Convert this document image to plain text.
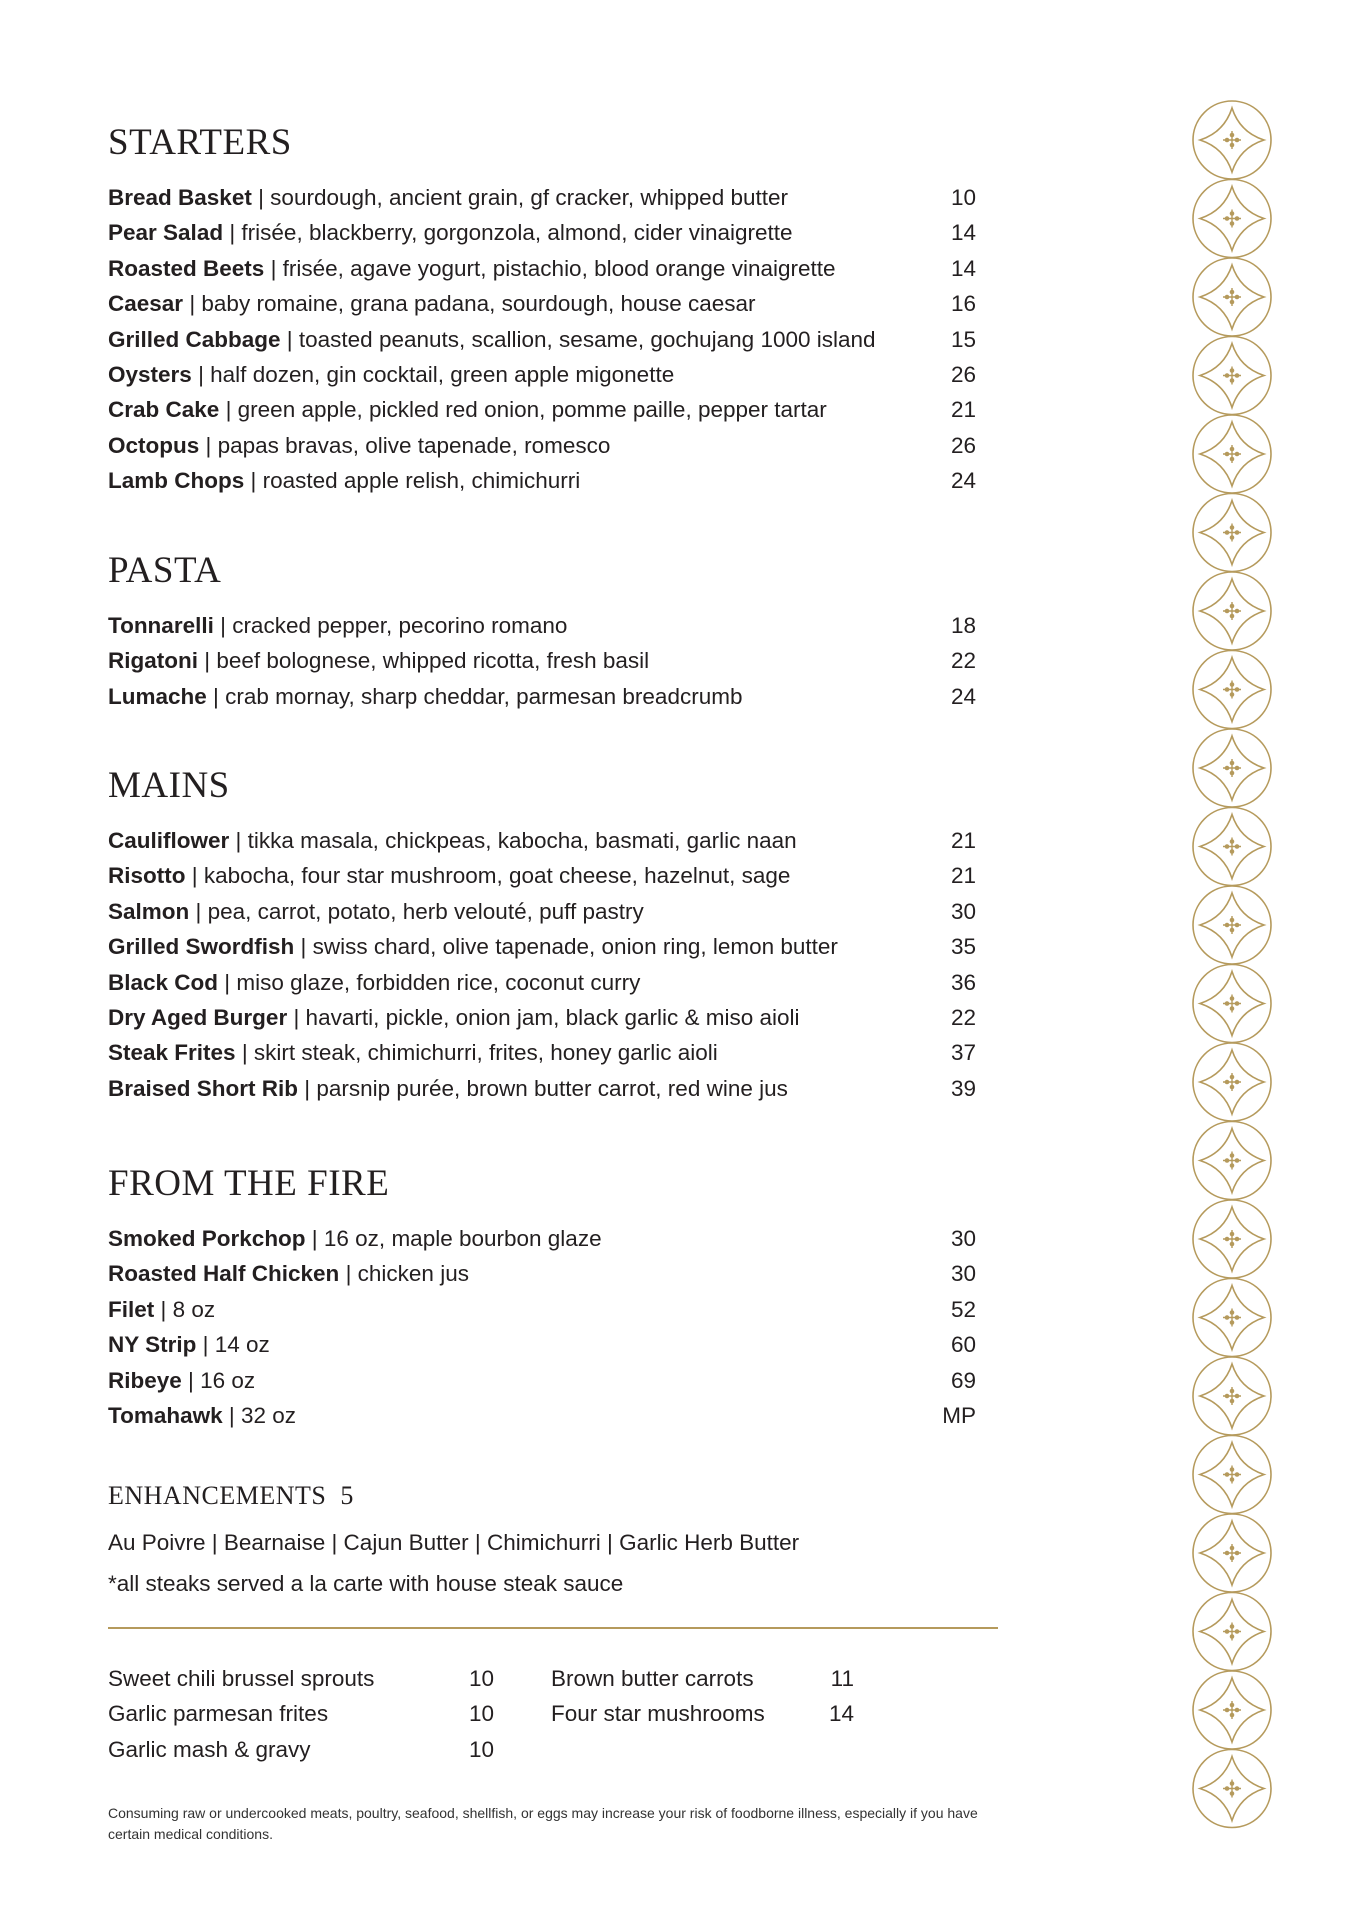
STARTERS
Bread Basket | sourdough, ancient grain, gf cracker, whipped butter	10
Pear Salad | frisée, blackberry, gorgonzola, almond, cider vinaigrette	14
Roasted Beets | frisée, agave yogurt, pistachio, blood orange vinaigrette	14
Caesar | baby romaine, grana padana, sourdough, house caesar	16
Grilled Cabbage | toasted peanuts, scallion, sesame, gochujang 1000 island	15
Oysters | half dozen, gin cocktail, green apple migonette	26
Crab Cake | green apple, pickled red onion, pomme paille, pepper tartar	21
Octopus | papas bravas, olive tapenade, romesco	26
Lamb Chops | roasted apple relish, chimichurri	24
PASTA
Tonnarelli | cracked pepper, pecorino romano	18
Rigatoni | beef bolognese, whipped ricotta, fresh basil	22
Lumache | crab mornay, sharp cheddar, parmesan breadcrumb	24
MAINS
Cauliflower | tikka masala, chickpeas, kabocha, basmati, garlic naan	21
Risotto | kabocha, four star mushroom, goat cheese, hazelnut, sage	21
Salmon | pea, carrot, potato, herb velouté, puff pastry	30
Grilled Swordfish | swiss chard, olive tapenade, onion ring, lemon butter	35
Black Cod | miso glaze, forbidden rice, coconut curry	36
Dry Aged Burger | havarti, pickle, onion jam, black garlic & miso aioli	22
Steak Frites | skirt steak, chimichurri, frites, honey garlic aioli	37
Braised Short Rib | parsnip purée, brown butter carrot, red wine jus	39
FROM THE FIRE
Smoked Porkchop | 16 oz, maple bourbon glaze	30
Roasted Half Chicken | chicken jus	30
Filet | 8 oz	52
NY Strip | 14 oz	60
Ribeye | 16 oz	69
Tomahawk | 32 oz	MP
ENHANCEMENTS 5
Au Poivre | Bearnaise | Cajun Butter | Chimichurri | Garlic Herb Butter
*all steaks served a la carte with house steak sauce
Sweet chili brussel sprouts	10
Garlic parmesan frites	10
Garlic mash & gravy	10
Brown butter carrots	11
Four star mushrooms	14
Consuming raw or undercooked meats, poultry, seafood, shellfish, or eggs may increase your risk of foodborne illness, especially if you have certain medical conditions.
